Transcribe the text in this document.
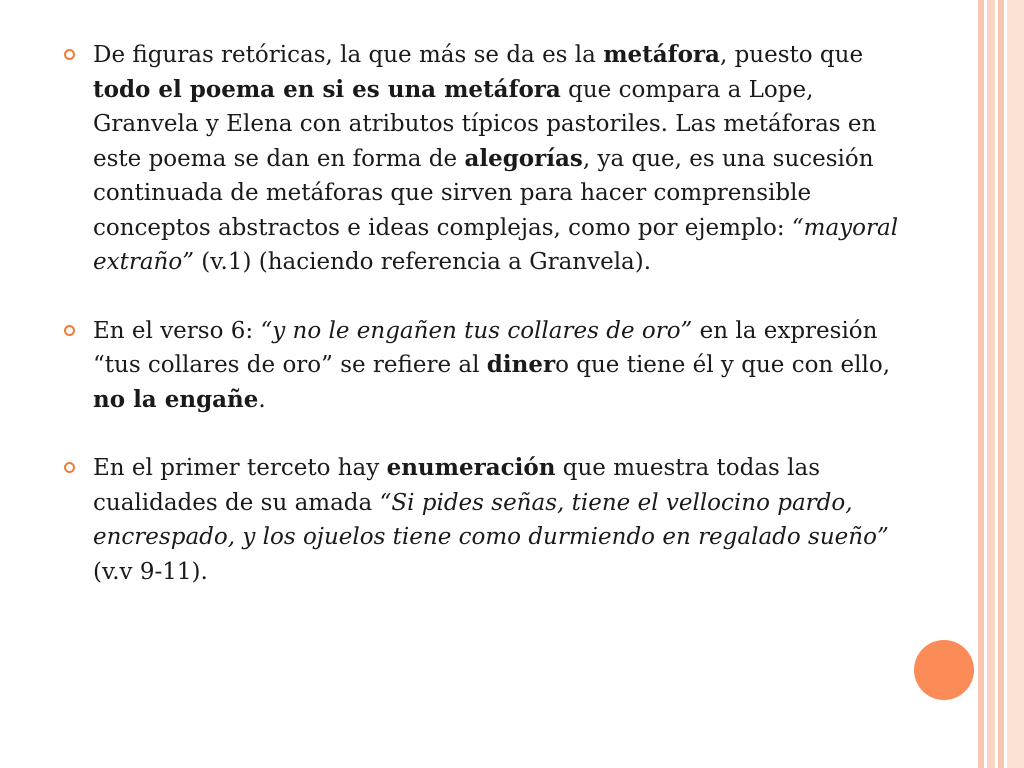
De figuras retóricas, la que más se da es la metáfora, puesto que todo el poema en si es una metáfora que compara a Lope, Granvela y Elena con atributos típicos pastoriles. Las metáforas en este poema se dan en forma de alegorías, ya que, es una sucesión continuada de metáforas que sirven para hacer comprensible conceptos abstractos e ideas complejas, como por ejemplo: “mayoral extraño” (v.1) (haciendo referencia a Granvela).

En el verso 6: “y no le engañen tus collares de oro” en la expresión “tus collares de oro” se refiere al dinero que tiene él y que con ello, no la engañe.

En el primer terceto hay enumeración que muestra todas las cualidades de su amada “Si pides señas, tiene el vellocino pardo, encrespado, y los ojuelos tiene como durmiendo en regalado sueño” (v.v 9-11).
